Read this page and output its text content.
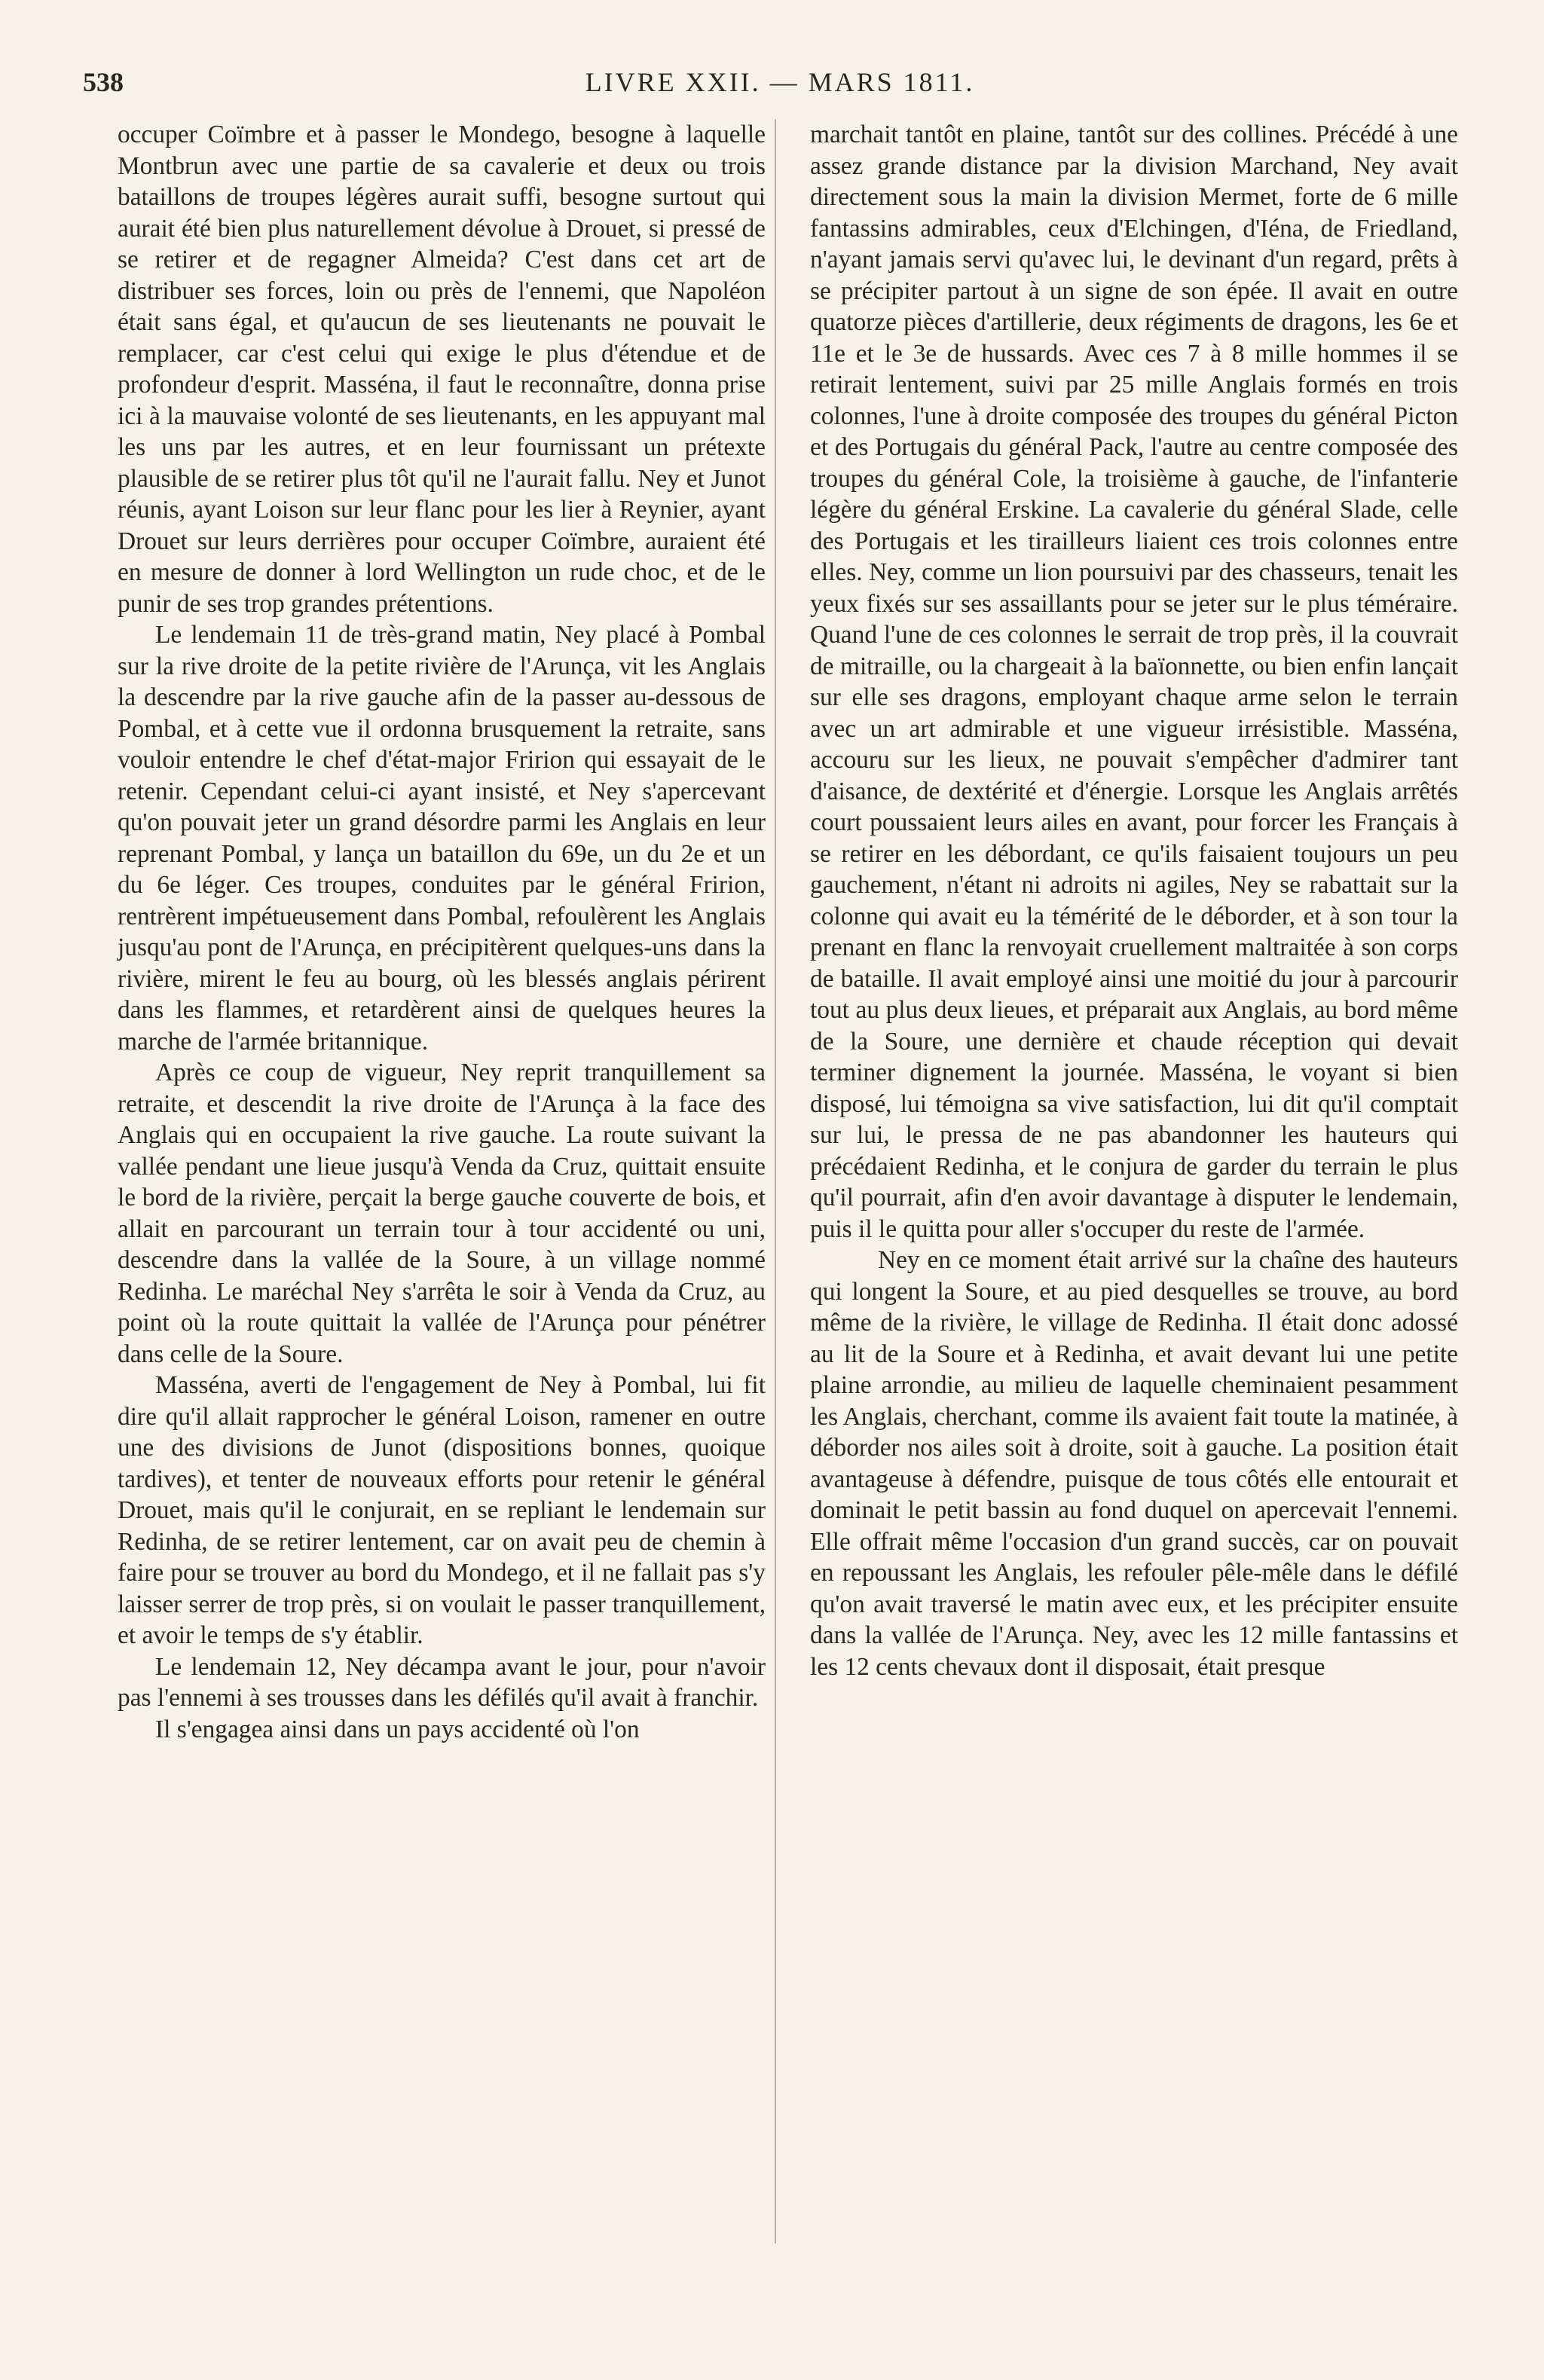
538	LIVRE XXII. — MARS 1811.

occuper Coïmbre et à passer le Mondego, besogne à laquelle Montbrun avec une partie de sa cavalerie et deux ou trois bataillons de troupes légères aurait suffi, besogne surtout qui aurait été bien plus naturellement dévolue à Drouet, si pressé de se retirer et de regagner Almeida? C'est dans cet art de distribuer ses forces, loin ou près de l'ennemi, que Napoléon était sans égal, et qu'aucun de ses lieutenants ne pouvait le remplacer, car c'est celui qui exige le plus d'étendue et de profondeur d'esprit. Masséna, il faut le reconnaître, donna prise ici à la mauvaise volonté de ses lieutenants, en les appuyant mal les uns par les autres, et en leur fournissant un prétexte plausible de se retirer plus tôt qu'il ne l'aurait fallu. Ney et Junot réunis, ayant Loison sur leur flanc pour les lier à Reynier, ayant Drouet sur leurs derrières pour occuper Coïmbre, auraient été en mesure de donner à lord Wellington un rude choc, et de le punir de ses trop grandes prétentions.

Le lendemain 11 de très-grand matin, Ney placé à Pombal sur la rive droite de la petite rivière de l'Arunça, vit les Anglais la descendre par la rive gauche afin de la passer au-dessous de Pombal, et à cette vue il ordonna brusquement la retraite, sans vouloir entendre le chef d'état-major Fririon qui essayait de le retenir. Cependant celui-ci ayant insisté, et Ney s'apercevant qu'on pouvait jeter un grand désordre parmi les Anglais en leur reprenant Pombal, y lança un bataillon du 69e, un du 2e et un du 6e léger. Ces troupes, conduites par le général Fririon, rentrèrent impétueusement dans Pombal, refoulèrent les Anglais jusqu'au pont de l'Arunça, en précipitèrent quelques-uns dans la rivière, mirent le feu au bourg, où les blessés anglais périrent dans les flammes, et retardèrent ainsi de quelques heures la marche de l'armée britannique.

Après ce coup de vigueur, Ney reprit tranquillement sa retraite, et descendit la rive droite de l'Arunça à la face des Anglais qui en occupaient la rive gauche. La route suivant la vallée pendant une lieue jusqu'à Venda da Cruz, quittait ensuite le bord de la rivière, perçait la berge gauche couverte de bois, et allait en parcourant un terrain tour à tour accidenté ou uni, descendre dans la vallée de la Soure, à un village nommé Redinha. Le maréchal Ney s'arrêta le soir à Venda da Cruz, au point où la route quittait la vallée de l'Arunça pour pénétrer dans celle de la Soure.

Masséna, averti de l'engagement de Ney à Pombal, lui fit dire qu'il allait rapprocher le général Loison, ramener en outre une des divisions de Junot (dispositions bonnes, quoique tardives), et tenter de nouveaux efforts pour retenir le général Drouet, mais qu'il le conjurait, en se repliant le lendemain sur Redinha, de se retirer lentement, car on avait peu de chemin à faire pour se trouver au bord du Mondego, et il ne fallait pas s'y laisser serrer de trop près, si on voulait le passer tranquillement, et avoir le temps de s'y établir.

Le lendemain 12, Ney décampa avant le jour, pour n'avoir pas l'ennemi à ses trousses dans les défilés qu'il avait à franchir.

Il s'engagea ainsi dans un pays accidenté où l'on

marchait tantôt en plaine, tantôt sur des collines. Précédé à une assez grande distance par la division Marchand, Ney avait directement sous la main la division Mermet, forte de 6 mille fantassins admirables, ceux d'Elchingen, d'Iéna, de Friedland, n'ayant jamais servi qu'avec lui, le devinant d'un regard, prêts à se précipiter partout à un signe de son épée. Il avait en outre quatorze pièces d'artillerie, deux régiments de dragons, les 6e et 11e et le 3e de hussards. Avec ces 7 à 8 mille hommes il se retirait lentement, suivi par 25 mille Anglais formés en trois colonnes, l'une à droite composée des troupes du général Picton et des Portugais du général Pack, l'autre au centre composée des troupes du général Cole, la troisième à gauche, de l'infanterie légère du général Erskine. La cavalerie du général Slade, celle des Portugais et les tirailleurs liaient ces trois colonnes entre elles. Ney, comme un lion poursuivi par des chasseurs, tenait les yeux fixés sur ses assaillants pour se jeter sur le plus téméraire. Quand l'une de ces colonnes le serrait de trop près, il la couvrait de mitraille, ou la chargeait à la baïonnette, ou bien enfin lançait sur elle ses dragons, employant chaque arme selon le terrain avec un art admirable et une vigueur irrésistible. Masséna, accouru sur les lieux, ne pouvait s'empêcher d'admirer tant d'aisance, de dextérité et d'énergie. Lorsque les Anglais arrêtés court poussaient leurs ailes en avant, pour forcer les Français à se retirer en les débordant, ce qu'ils faisaient toujours un peu gauchement, n'étant ni adroits ni agiles, Ney se rabattait sur la colonne qui avait eu la témérité de le déborder, et à son tour la prenant en flanc la renvoyait cruellement maltraitée à son corps de bataille. Il avait employé ainsi une moitié du jour à parcourir tout au plus deux lieues, et préparait aux Anglais, au bord même de la Soure, une dernière et chaude réception qui devait terminer dignement la journée. Masséna, le voyant si bien disposé, lui témoigna sa vive satisfaction, lui dit qu'il comptait sur lui, le pressa de ne pas abandonner les hauteurs qui précédaient Redinha, et le conjura de garder du terrain le plus qu'il pourrait, afin d'en avoir davantage à disputer le lendemain, puis il le quitta pour aller s'occuper du reste de l'armée.

Ney en ce moment était arrivé sur la chaîne des hauteurs qui longent la Soure, et au pied desquelles se trouve, au bord même de la rivière, le village de Redinha. Il était donc adossé au lit de la Soure et à Redinha, et avait devant lui une petite plaine arrondie, au milieu de laquelle cheminaient pesamment les Anglais, cherchant, comme ils avaient fait toute la matinée, à déborder nos ailes soit à droite, soit à gauche. La position était avantageuse à défendre, puisque de tous côtés elle entourait et dominait le petit bassin au fond duquel on apercevait l'ennemi. Elle offrait même l'occasion d'un grand succès, car on pouvait en repoussant les Anglais, les refouler pêle-mêle dans le défilé qu'on avait traversé le matin avec eux, et les précipiter ensuite dans la vallée de l'Arunça. Ney, avec les 12 mille fantassins et les 12 cents chevaux dont il disposait, était presque
